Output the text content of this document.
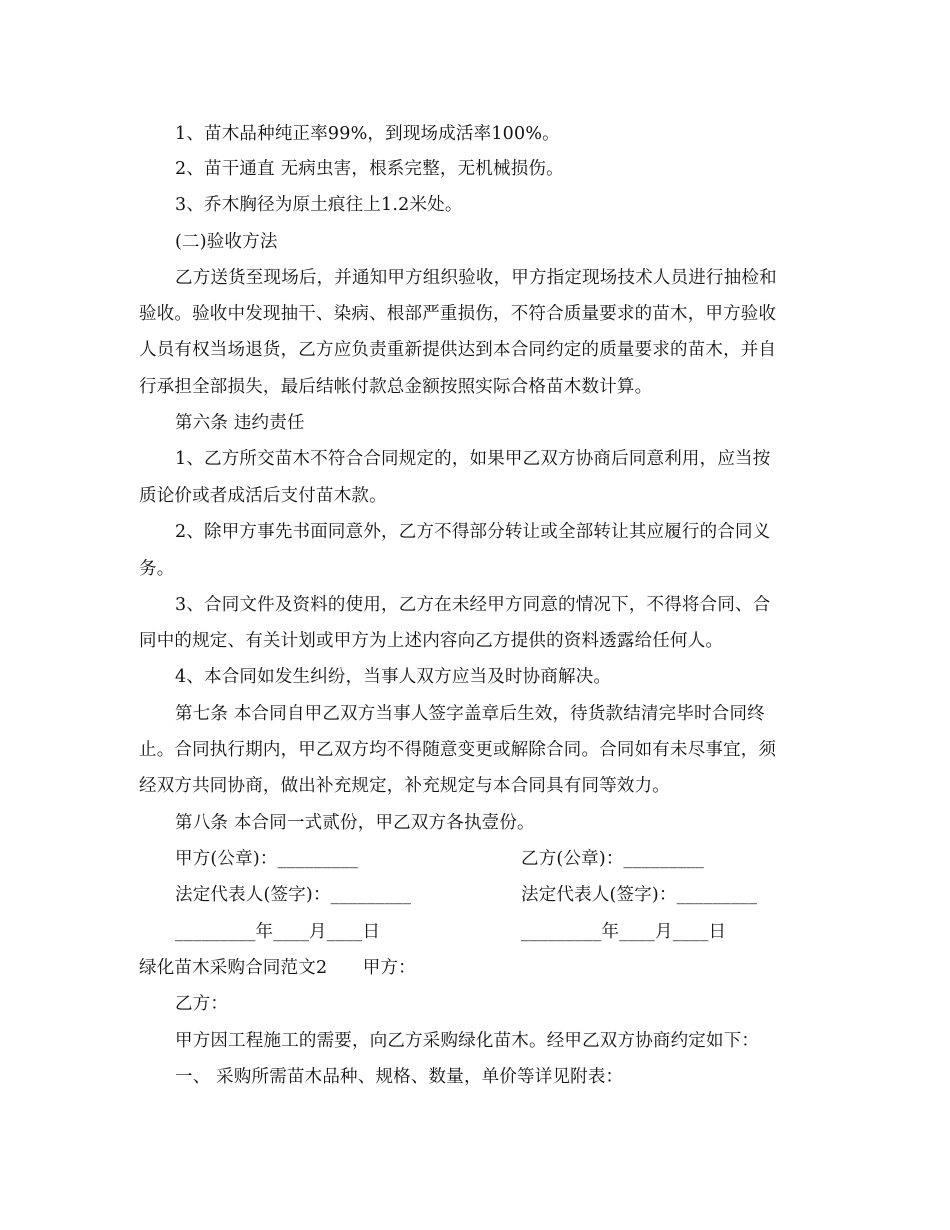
1、苗木品种纯正率99%，到现场成活率100%。
2、苗干通直 无病虫害，根系完整，无机械损伤。
3、乔木胸径为原土痕往上1.2米处。
(二)验收方法
乙方送货至现场后，并通知甲方组织验收，甲方指定现场技术人员进行抽检和
验收。验收中发现抽干、染病、根部严重损伤，不符合质量要求的苗木，甲方验收
人员有权当场退货，乙方应负责重新提供达到本合同约定的质量要求的苗木，并自
行承担全部损失，最后结帐付款总金额按照实际合格苗木数计算。
第六条 违约责任
1、乙方所交苗木不符合合同规定的，如果甲乙双方协商后同意利用，应当按
质论价或者成活后支付苗木款。
2、除甲方事先书面同意外，乙方不得部分转让或全部转让其应履行的合同义
务。
3、合同文件及资料的使用，乙方在未经甲方同意的情况下，不得将合同、合
同中的规定、有关计划或甲方为上述内容向乙方提供的资料透露给任何人。
4、本合同如发生纠纷，当事人双方应当及时协商解决。
第七条 本合同自甲乙双方当事人签字盖章后生效，待货款结清完毕时合同终
止。合同执行期内，甲乙双方均不得随意变更或解除合同。合同如有未尽事宜，须
经双方共同协商，做出补充规定，补充规定与本合同具有同等效力。
第八条 本合同一式贰份，甲乙双方各执壹份。
甲方(公章)：_________	乙方(公章)：_________
法定代表人(签字)：_________	法定代表人(签字)：_________
_________年____月____日	_________年____月____日
绿化苗木采购合同范文2　　甲方：
乙方：
甲方因工程施工的需要，向乙方采购绿化苗木。经甲乙双方协商约定如下：
一、 采购所需苗木品种、规格、数量，单价等详见附表：
